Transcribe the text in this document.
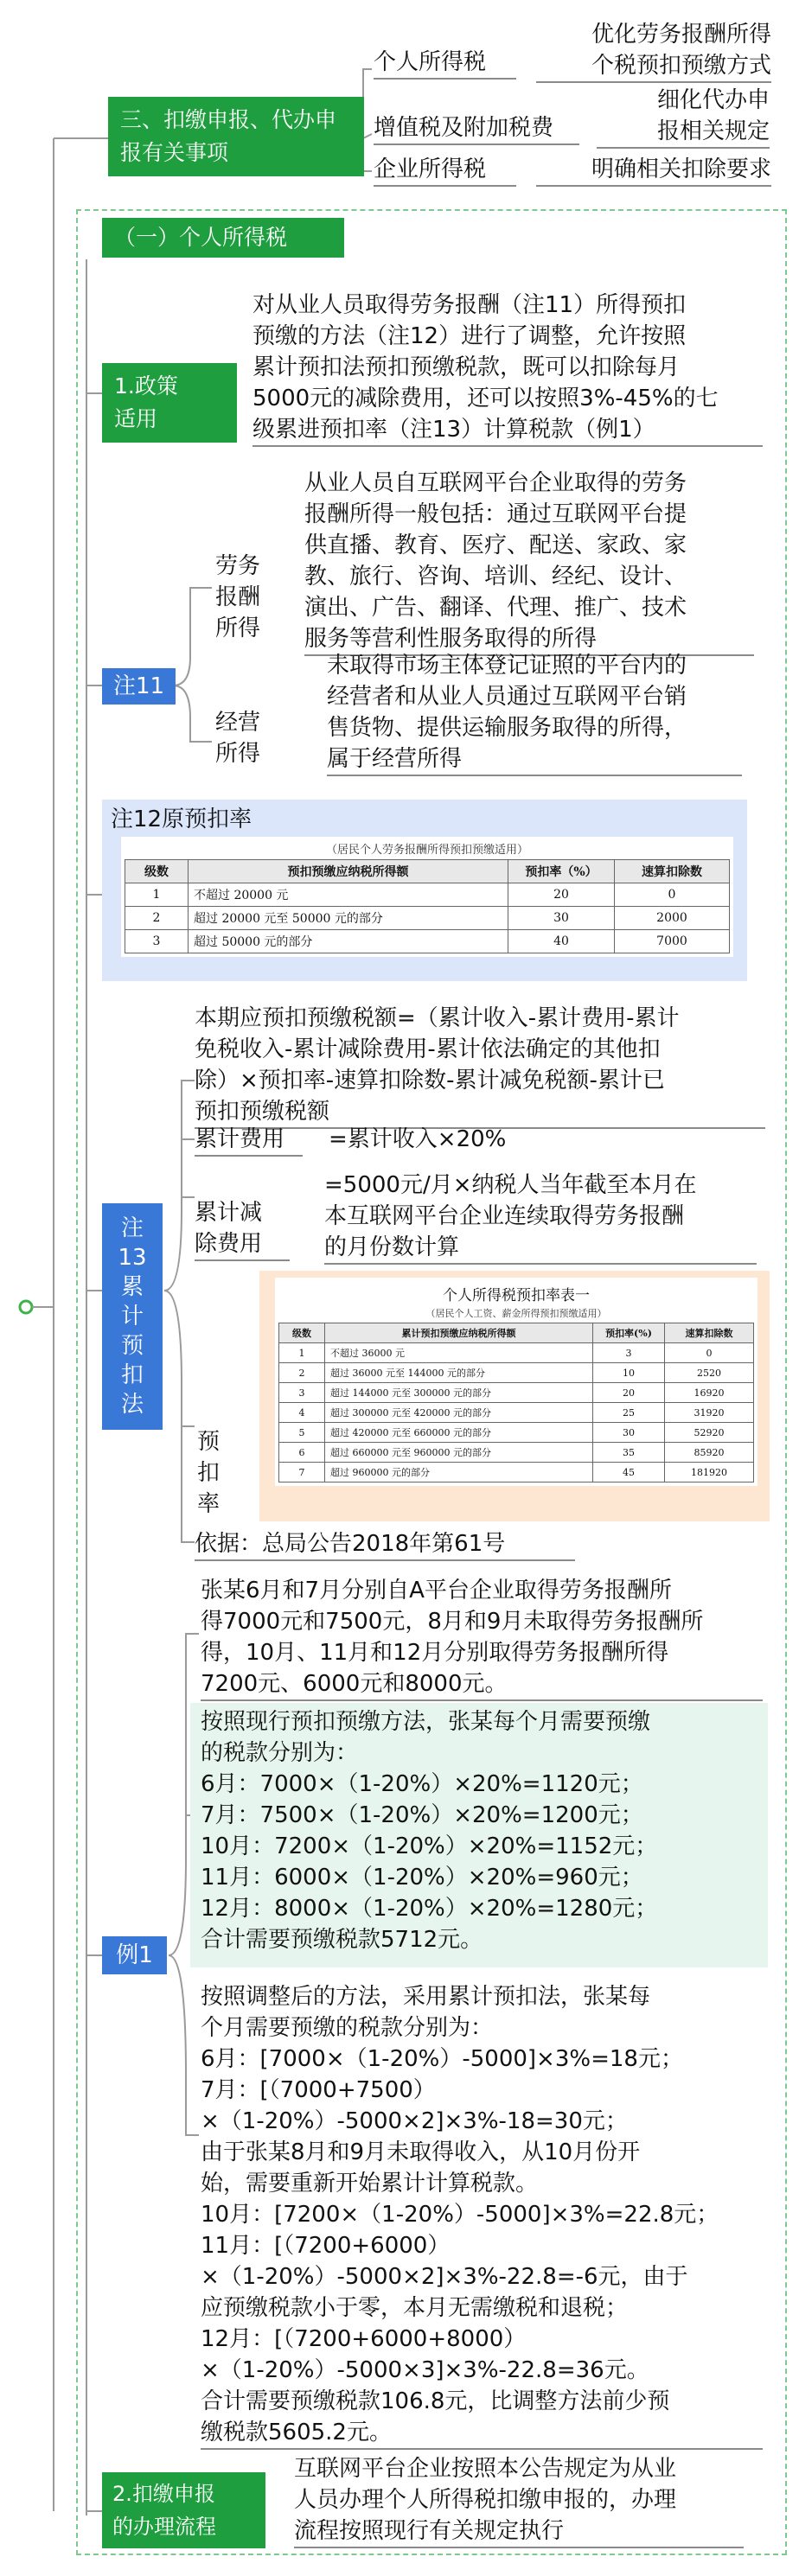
三、扣缴申报、代办申报有关事项
个人所得税
优化劳务报酬所得
个税预扣预缴方式
增值税及附加税费
细化代办申
报相关规定
企业所得税	明确相关扣除要求
（一）个人所得税
1.政策
适用
对从业人员取得劳务报酬（注11）所得预扣
预缴的方法（注12）进行了调整，允许按照
累计预扣法预扣预缴税款，既可以扣除每月
5000元的减除费用，还可以按照3%-45%的七
级累进预扣率（注13）计算税款（例1）
注11
劳务
报酬
所得
从业人员自互联网平台企业取得的劳务
报酬所得一般包括：通过互联网平台提
供直播、教育、医疗、配送、家政、家
教、旅行、咨询、培训、经纪、设计、
演出、广告、翻译、代理、推广、技术
服务等营利性服务取得的所得
经营
所得
未取得市场主体登记证照的平台内的
经营者和从业人员通过互联网平台销
售货物、提供运输服务取得的所得，
属于经营所得
注12原预扣率
（居民个人劳务报酬所得预扣预缴适用）
级数	预扣预缴应纳税所得额	预扣率（%）	速算扣除数
1	不超过 20000 元	20	0
2	超过 20000 元至 50000 元的部分	30	2000
3	超过 50000 元的部分	40	7000
注
13
累
计
预
扣
法
本期应预扣预缴税额=（累计收入-累计费用-累计
免税收入-累计减除费用-累计依法确定的其他扣
除）×预扣率-速算扣除数-累计减免税额-累计已
预扣预缴税额
累计费用	=累计收入×20%
累计减
除费用
=5000元/月×纳税人当年截至本月在
本互联网平台企业连续取得劳务报酬
的月份数计算
预
扣
率
个人所得税预扣率表一
（居民个人工资、薪金所得预扣预缴适用）
级数	累计预扣预缴应纳税所得额	预扣率(%)	速算扣除数
1	不超过 36000 元	3	0
2	超过 36000 元至 144000 元的部分	10	2520
3	超过 144000 元至 300000 元的部分	20	16920
4	超过 300000 元至 420000 元的部分	25	31920
5	超过 420000 元至 660000 元的部分	30	52920
6	超过 660000 元至 960000 元的部分	35	85920
7	超过 960000 元的部分	45	181920
依据：总局公告2018年第61号
例1
张某6月和7月分别自A平台企业取得劳务报酬所
得7000元和7500元，8月和9月未取得劳务报酬所
得，10月、11月和12月分别取得劳务报酬所得
7200元、6000元和8000元。
按照现行预扣预缴方法，张某每个月需要预缴
的税款分别为：
6月：7000×（1-20%）×20%=1120元；
7月：7500×（1-20%）×20%=1200元；
10月：7200×（1-20%）×20%=1152元；
11月：6000×（1-20%）×20%=960元；
12月：8000×（1-20%）×20%=1280元；
合计需要预缴税款5712元。
按照调整后的方法，采用累计预扣法，张某每
个月需要预缴的税款分别为：
6月：[7000×（1-20%）-5000]×3%=18元；
7月：[（7000+7500）
×（1-20%）-5000×2]×3%-18=30元；
由于张某8月和9月未取得收入，从10月份开
始，需要重新开始累计计算税款。
10月：[7200×（1-20%）-5000]×3%=22.8元；
11月：[（7200+6000）
×（1-20%）-5000×2]×3%-22.8=-6元，由于
应预缴税款小于零，本月无需缴税和退税；
12月：[（7200+6000+8000）
×（1-20%）-5000×3]×3%-22.8=36元。
合计需要预缴税款106.8元，比调整方法前少预
缴税款5605.2元。
2.扣缴申报
的办理流程
互联网平台企业按照本公告规定为从业
人员办理个人所得税扣缴申报的，办理
流程按照现行有关规定执行
